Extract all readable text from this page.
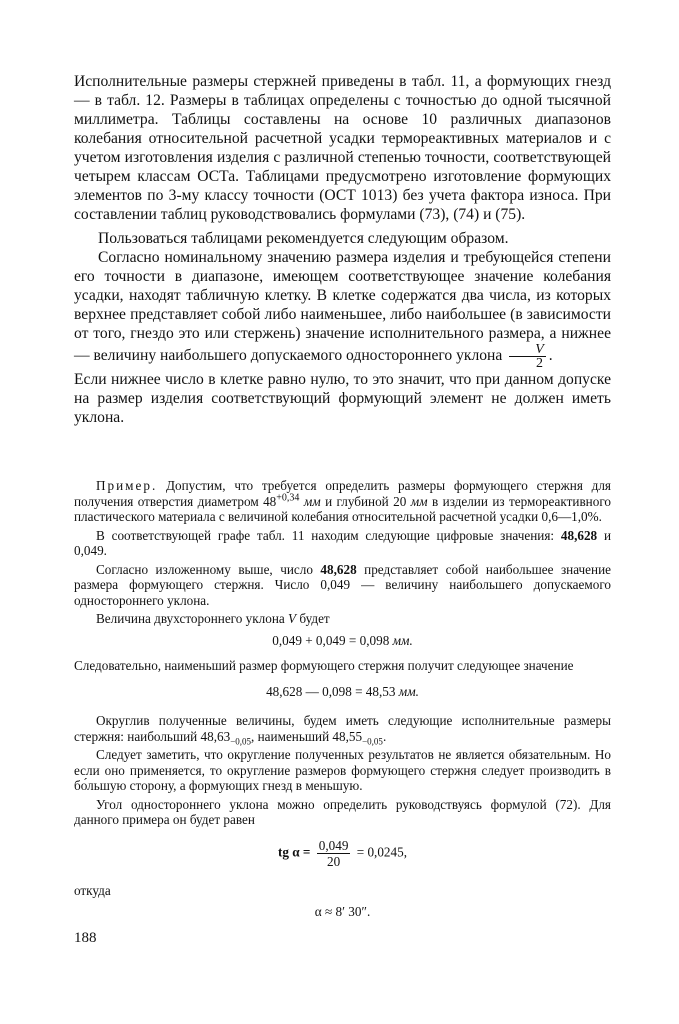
Исполнительные размеры стержней приведены в табл. 11, а формующих гнезд — в табл. 12. Размеры в таблицах определены с точностью до одной тысячной миллиметра. Таблицы составлены на основе 10 различных диапазонов колебания относительной расчетной усадки термореактивных материалов и с учетом изготовления изделия с различной степенью точности, соответствующей четырем классам ОСТа. Таблицами предусмотрено изготовление формующих элементов по 3-му классу точности (ОСТ 1013) без учета фактора износа. При составлении таблиц руководствовались формулами (73), (74) и (75).

Пользоваться таблицами рекомендуется следующим образом.

Согласно номинальному значению размера изделия и требующейся степени его точности в диапазоне, имеющем соответствующее значение колебания усадки, находят табличную клетку. В клетке содержатся два числа, из которых верхнее представляет собой либо наименьшее, либо наибольшее (в зависимости от того, гнездо это или стержень) значение исполнительного размера, а нижнее — величину наибольшего допускаемого одностороннего уклона $\frac{V}{2}$ .

Если нижнее число в клетке равно нулю, то это значит, что при данном допуске на размер изделия соответствующий формующий элемент не должен иметь уклона.

Пример. Допустим, что требуется определить размеры формующего стержня для получения отверстия диаметром $48^{+0,34}$ мм и глубиной 20 мм в изделии из термореактивного пластического материала с величиной колебания относительной расчетной усадки 0,6—1,0%.

В соответствующей графе табл. 11 находим следующие цифровые значения: 48,628 и 0,049.

Согласно изложенному выше, число 48,628 представляет собой наибольшее значение размера формующего стержня. Число 0,049 — величину наибольшего допускаемого одностороннего уклона.

Величина двухстороннего уклона V будет

0,049 + 0,049 = 0,098 мм.

Следовательно, наименьший размер формующего стержня получит следующее значение

48,628 — 0,098 = 48,53 мм.

Округлив полученные величины, будем иметь следующие исполнительные размеры стержня: наибольший $48,63_{-0,05}$, наименьший $48,55_{-0,05}$.

Следует заметить, что округление полученных результатов не является обязательным. Но если оно применяется, то округление размеров формующего стержня следует производить в бо́льшую сторону, а формующих гнезд в меньшую.

Угол одностороннего уклона можно определить руководствуясь формулой (72). Для данного примера он будет равен

tg $\alpha = \frac{0,049}{20} = 0,0245$,

откуда

α ≈ 8′ 30″.

188
